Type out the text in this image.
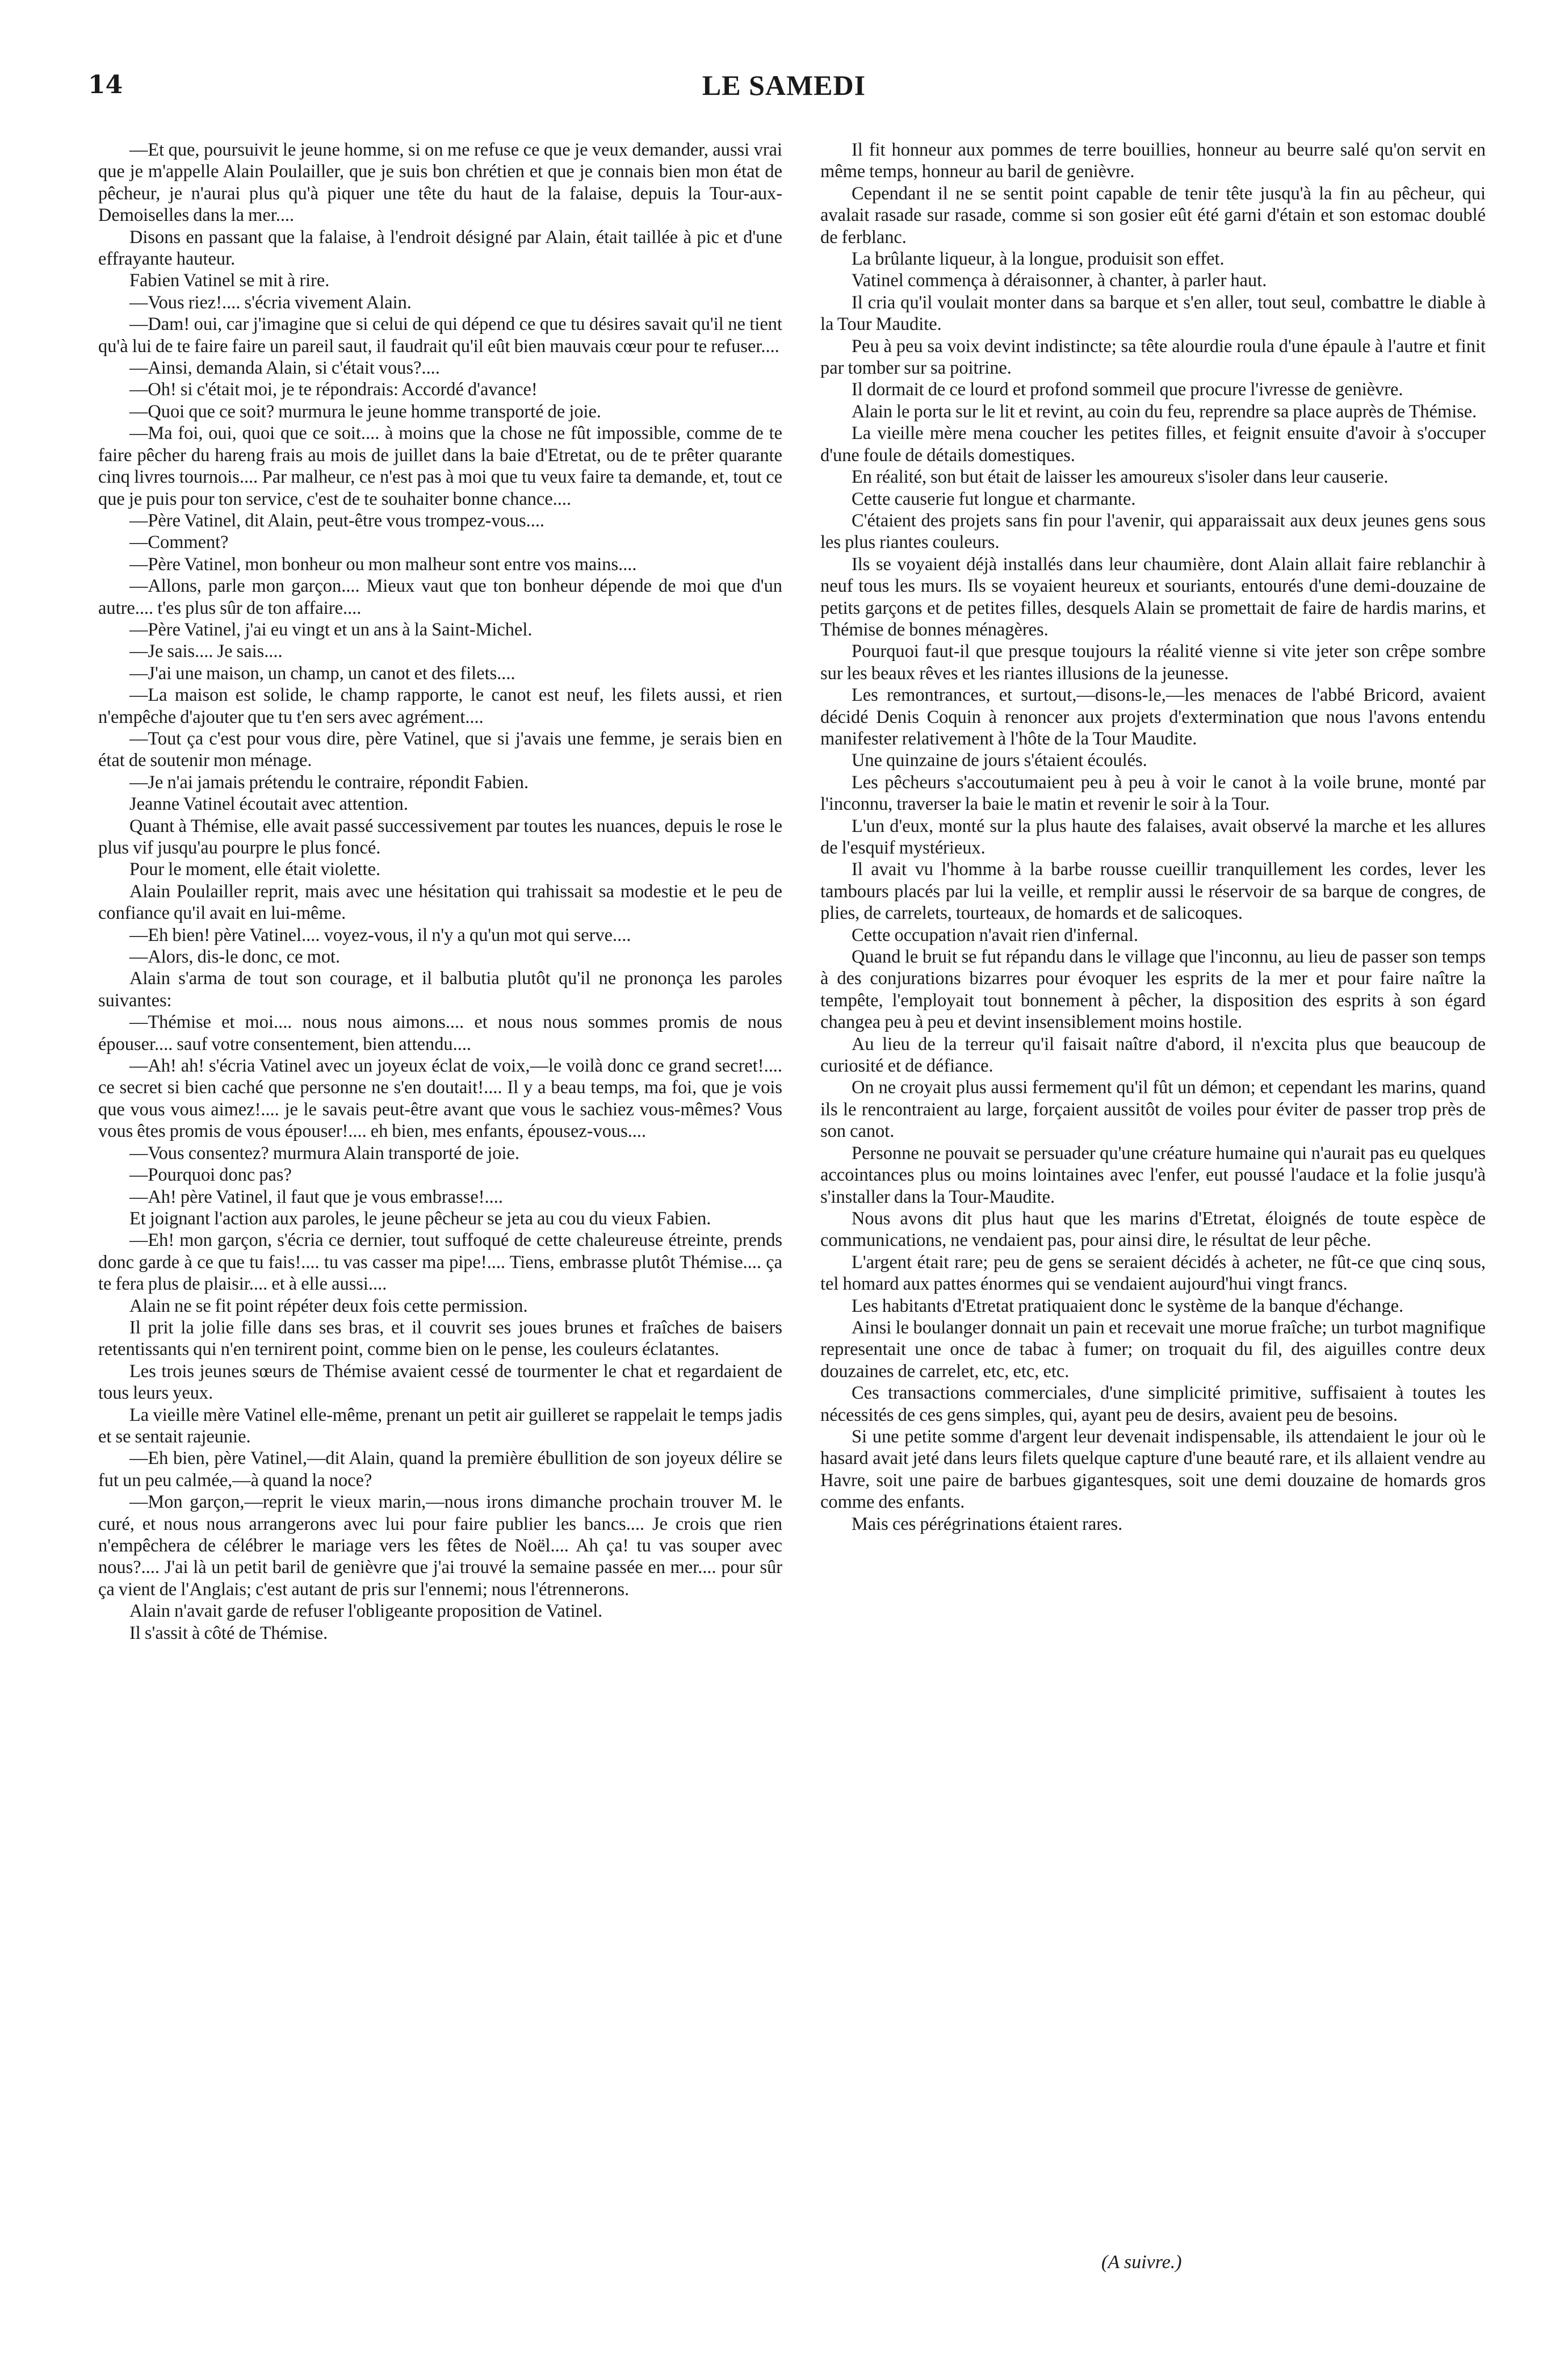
14	LE SAMEDI

—Et que, poursuivit le jeune homme, si on me refuse ce que je veux demander, aussi vrai que je m'appelle Alain Poulailler, que je suis bon chrétien et que je connais bien mon état de pêcheur, je n'aurai plus qu'à piquer une tête du haut de la falaise, depuis la Tour-aux-Demoiselles dans la mer....

Disons en passant que la falaise, à l'endroit désigné par Alain, était taillée à pic et d'une effrayante hauteur.

Fabien Vatinel se mit à rire.

—Vous riez!.... s'écria vivement Alain.

—Dam! oui, car j'imagine que si celui de qui dépend ce que tu désires savait qu'il ne tient qu'à lui de te faire faire un pareil saut, il faudrait qu'il eût bien mauvais cœur pour te refuser....

—Ainsi, demanda Alain, si c'était vous?....

—Oh! si c'était moi, je te répondrais: Accordé d'avance!

—Quoi que ce soit? murmura le jeune homme transporté de joie.

—Ma foi, oui, quoi que ce soit.... à moins que la chose ne fût impossible, comme de te faire pêcher du hareng frais au mois de juillet dans la baie d'Etretat, ou de te prêter quarante cinq livres tournois.... Par malheur, ce n'est pas à moi que tu veux faire ta demande, et, tout ce que je puis pour ton service, c'est de te souhaiter bonne chance....

—Père Vatinel, dit Alain, peut-être vous trompez-vous....

—Comment?

—Père Vatinel, mon bonheur ou mon malheur sont entre vos mains....

—Allons, parle mon garçon.... Mieux vaut que ton bonheur dépende de moi que d'un autre.... t'es plus sûr de ton affaire....

—Père Vatinel, j'ai eu vingt et un ans à la Saint-Michel.

—Je sais.... Je sais....

—J'ai une maison, un champ, un canot et des filets....

—La maison est solide, le champ rapporte, le canot est neuf, les filets aussi, et rien n'empêche d'ajouter que tu t'en sers avec agrément....

—Tout ça c'est pour vous dire, père Vatinel, que si j'avais une femme, je serais bien en état de soutenir mon ménage.

—Je n'ai jamais prétendu le contraire, répondit Fabien.

Jeanne Vatinel écoutait avec attention.

Quant à Thémise, elle avait passé successivement par toutes les nuances, depuis le rose le plus vif jusqu'au pourpre le plus foncé.

Pour le moment, elle était violette.

Alain Poulailler reprit, mais avec une hésitation qui trahissait sa modestie et le peu de confiance qu'il avait en lui-même.

—Eh bien! père Vatinel.... voyez-vous, il n'y a qu'un mot qui serve....

—Alors, dis-le donc, ce mot.

Alain s'arma de tout son courage, et il balbutia plutôt qu'il ne prononça les paroles suivantes:

—Thémise et moi.... nous nous aimons.... et nous nous sommes promis de nous épouser.... sauf votre consentement, bien attendu....

—Ah! ah! s'écria Vatinel avec un joyeux éclat de voix,—le voilà donc ce grand secret!.... ce secret si bien caché que personne ne s'en doutait!.... Il y a beau temps, ma foi, que je vois que vous vous aimez!.... je le savais peut-être avant que vous le sachiez vous-mêmes? Vous vous êtes promis de vous épouser!.... eh bien, mes enfants, épousez-vous....

—Vous consentez? murmura Alain transporté de joie.

—Pourquoi donc pas?

—Ah! père Vatinel, il faut que je vous embrasse!....

Et joignant l'action aux paroles, le jeune pêcheur se jeta au cou du vieux Fabien.

—Eh! mon garçon, s'écria ce dernier, tout suffoqué de cette chaleureuse étreinte, prends donc garde à ce que tu fais!.... tu vas casser ma pipe!.... Tiens, embrasse plutôt Thémise.... ça te fera plus de plaisir.... et à elle aussi....

Alain ne se fit point répéter deux fois cette permission.

Il prit la jolie fille dans ses bras, et il couvrit ses joues brunes et fraîches de baisers retentissants qui n'en ternirent point, comme bien on le pense, les couleurs éclatantes.

Les trois jeunes sœurs de Thémise avaient cessé de tourmenter le chat et regardaient de tous leurs yeux.

La vieille mère Vatinel elle-même, prenant un petit air guilleret se rappelait le temps jadis et se sentait rajeunie.

—Eh bien, père Vatinel,—dit Alain, quand la première ébullition de son joyeux délire se fut un peu calmée,—à quand la noce?

—Mon garçon,—reprit le vieux marin,—nous irons dimanche prochain trouver M. le curé, et nous nous arrangerons avec lui pour faire publier les bancs.... Je crois que rien n'empêchera de célébrer le mariage vers les fêtes de Noël.... Ah ça! tu vas souper avec nous?.... J'ai là un petit baril de genièvre que j'ai trouvé la semaine passée en mer.... pour sûr ça vient de l'Anglais; c'est autant de pris sur l'ennemi; nous l'étrennerons.

Alain n'avait garde de refuser l'obligeante proposition de Vatinel.

Il s'assit à côté de Thémise.

Il fit honneur aux pommes de terre bouillies, honneur au beurre salé qu'on servit en même temps, honneur au baril de genièvre.

Cependant il ne se sentit point capable de tenir tête jusqu'à la fin au pêcheur, qui avalait rasade sur rasade, comme si son gosier eût été garni d'étain et son estomac doublé de ferblanc.

La brûlante liqueur, à la longue, produisit son effet.

Vatinel commença à déraisonner, à chanter, à parler haut.

Il cria qu'il voulait monter dans sa barque et s'en aller, tout seul, combattre le diable à la Tour Maudite.

Peu à peu sa voix devint indistincte; sa tête alourdie roula d'une épaule à l'autre et finit par tomber sur sa poitrine.

Il dormait de ce lourd et profond sommeil que procure l'ivresse de genièvre.

Alain le porta sur le lit et revint, au coin du feu, reprendre sa place auprès de Thémise.

La vieille mère mena coucher les petites filles, et feignit ensuite d'avoir à s'occuper d'une foule de détails domestiques.

En réalité, son but était de laisser les amoureux s'isoler dans leur causerie.

Cette causerie fut longue et charmante.

C'étaient des projets sans fin pour l'avenir, qui apparaissait aux deux jeunes gens sous les plus riantes couleurs.

Ils se voyaient déjà installés dans leur chaumière, dont Alain allait faire reblanchir à neuf tous les murs. Ils se voyaient heureux et souriants, entourés d'une demi-douzaine de petits garçons et de petites filles, desquels Alain se promettait de faire de hardis marins, et Thémise de bonnes ménagères.

Pourquoi faut-il que presque toujours la réalité vienne si vite jeter son crêpe sombre sur les beaux rêves et les riantes illusions de la jeunesse.

Les remontrances, et surtout,—disons-le,—les menaces de l'abbé Bricord, avaient décidé Denis Coquin à renoncer aux projets d'extermination que nous l'avons entendu manifester relativement à l'hôte de la Tour Maudite.

Une quinzaine de jours s'étaient écoulés.

Les pêcheurs s'accoutumaient peu à peu à voir le canot à la voile brune, monté par l'inconnu, traverser la baie le matin et revenir le soir à la Tour.

L'un d'eux, monté sur la plus haute des falaises, avait observé la marche et les allures de l'esquif mystérieux.

Il avait vu l'homme à la barbe rousse cueillir tranquillement les cordes, lever les tambours placés par lui la veille, et remplir aussi le réservoir de sa barque de congres, de plies, de carrelets, tourteaux, de homards et de salicoques.

Cette occupation n'avait rien d'infernal.

Quand le bruit se fut répandu dans le village que l'inconnu, au lieu de passer son temps à des conjurations bizarres pour évoquer les esprits de la mer et pour faire naître la tempête, l'employait tout bonnement à pêcher, la disposition des esprits à son égard changea peu à peu et devint insensiblement moins hostile.

Au lieu de la terreur qu'il faisait naître d'abord, il n'excita plus que beaucoup de curiosité et de défiance.

On ne croyait plus aussi fermement qu'il fût un démon; et cependant les marins, quand ils le rencontraient au large, forçaient aussitôt de voiles pour éviter de passer trop près de son canot.

Personne ne pouvait se persuader qu'une créature humaine qui n'aurait pas eu quelques accointances plus ou moins lointaines avec l'enfer, eut poussé l'audace et la folie jusqu'à s'installer dans la Tour-Maudite.

Nous avons dit plus haut que les marins d'Etretat, éloignés de toute espèce de communications, ne vendaient pas, pour ainsi dire, le résultat de leur pêche.

L'argent était rare; peu de gens se seraient décidés à acheter, ne fût-ce que cinq sous, tel homard aux pattes énormes qui se vendaient aujourd'hui vingt francs.

Les habitants d'Etretat pratiquaient donc le système de la banque d'échange.

Ainsi le boulanger donnait un pain et recevait une morue fraîche; un turbot magnifique representait une once de tabac à fumer; on troquait du fil, des aiguilles contre deux douzaines de carrelet, etc, etc, etc.

Ces transactions commerciales, d'une simplicité primitive, suffisaient à toutes les nécessités de ces gens simples, qui, ayant peu de desirs, avaient peu de besoins.

Si une petite somme d'argent leur devenait indispensable, ils attendaient le jour où le hasard avait jeté dans leurs filets quelque capture d'une beauté rare, et ils allaient vendre au Havre, soit une paire de barbues gigantesques, soit une demi douzaine de homards gros comme des enfants.

Mais ces pérégrinations étaient rares.

(A suivre.)
